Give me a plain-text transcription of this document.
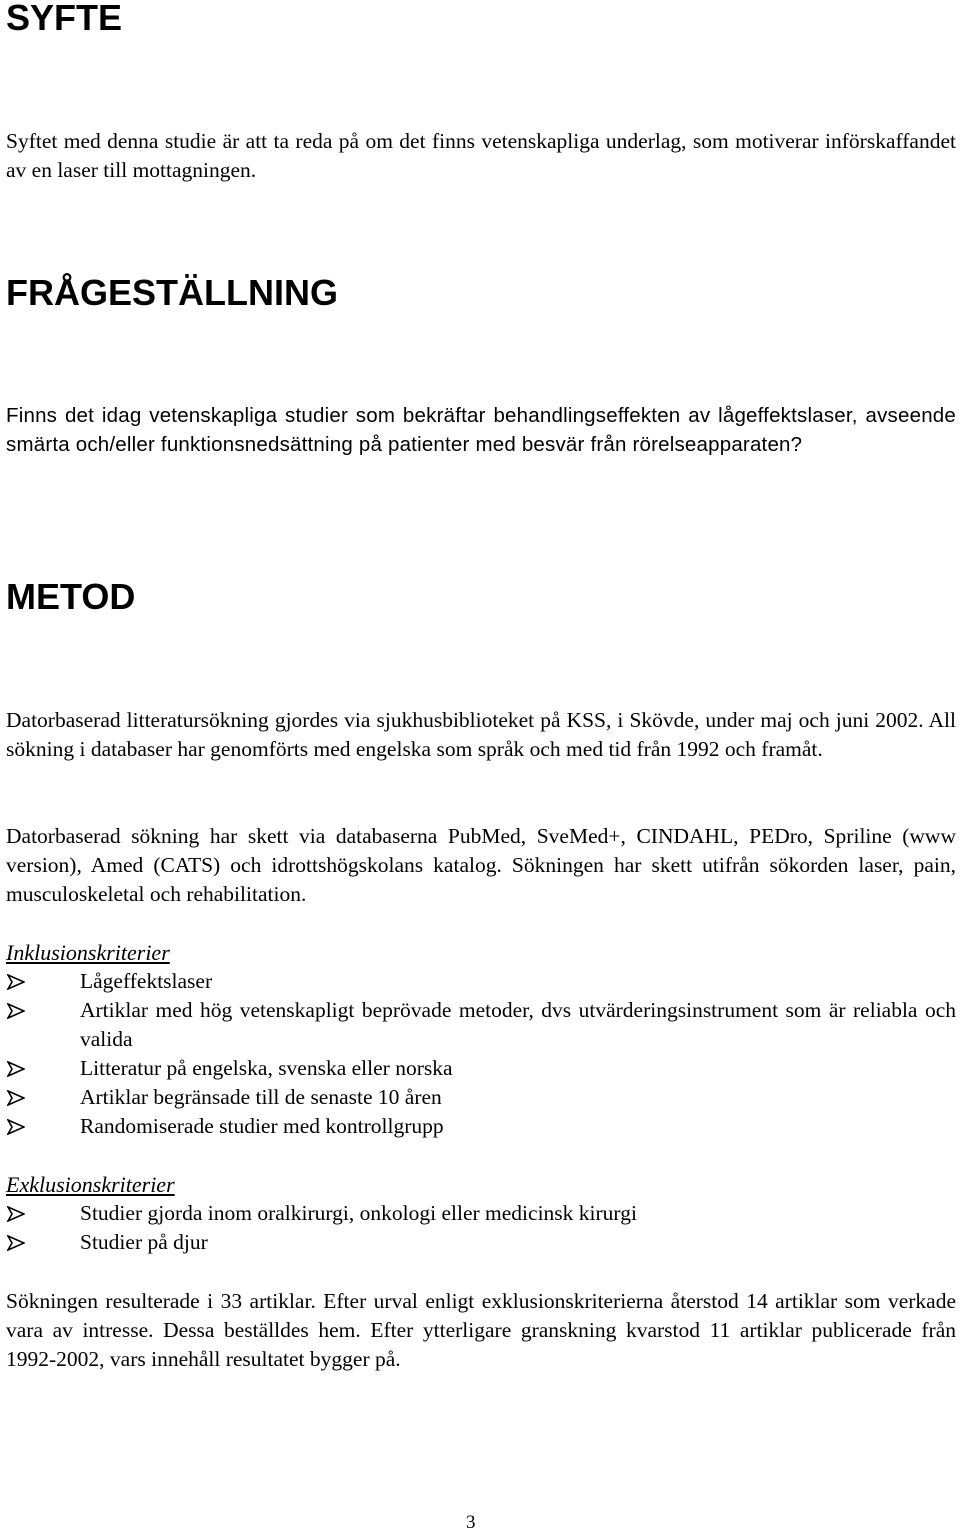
SYFTE

Syftet med denna studie är att ta reda på om det finns vetenskapliga underlag, som motiverar införskaffandet av en laser till mottagningen.

FRÅGESTÄLLNING

Finns det idag vetenskapliga studier som bekräftar behandlingseffekten av lågeffektslaser, avseende smärta och/eller funktionsnedsättning på patienter med besvär från rörelseapparaten?

METOD

Datorbaserad litteratursökning gjordes via sjukhusbiblioteket på KSS, i Skövde, under maj och juni 2002. All sökning i databaser har genomförts med engelska som språk och med tid från 1992 och framåt.

Datorbaserad sökning har skett via databaserna PubMed, SveMed+, CINDAHL, PEDro, Spriline (www version), Amed (CATS) och idrottshögskolans katalog. Sökningen har skett utifrån sökorden laser, pain, musculoskeletal och rehabilitation.

Inklusionskriterier

Lågeffektslaser
Artiklar med hög vetenskapligt beprövade metoder, dvs utvärderingsinstrument som är reliabla och valida
Litteratur på engelska, svenska eller norska
Artiklar begränsade till de senaste 10 åren
Randomiserade studier med kontrollgrupp

Exklusionskriterier

Studier gjorda inom oralkirurgi, onkologi eller medicinsk kirurgi
Studier på djur

Sökningen resulterade i 33 artiklar. Efter urval enligt exklusionskriterierna återstod 14 artiklar som verkade vara av intresse. Dessa beställdes hem. Efter ytterligare granskning kvarstod 11 artiklar publicerade från 1992-2002, vars innehåll resultatet bygger på.

3
